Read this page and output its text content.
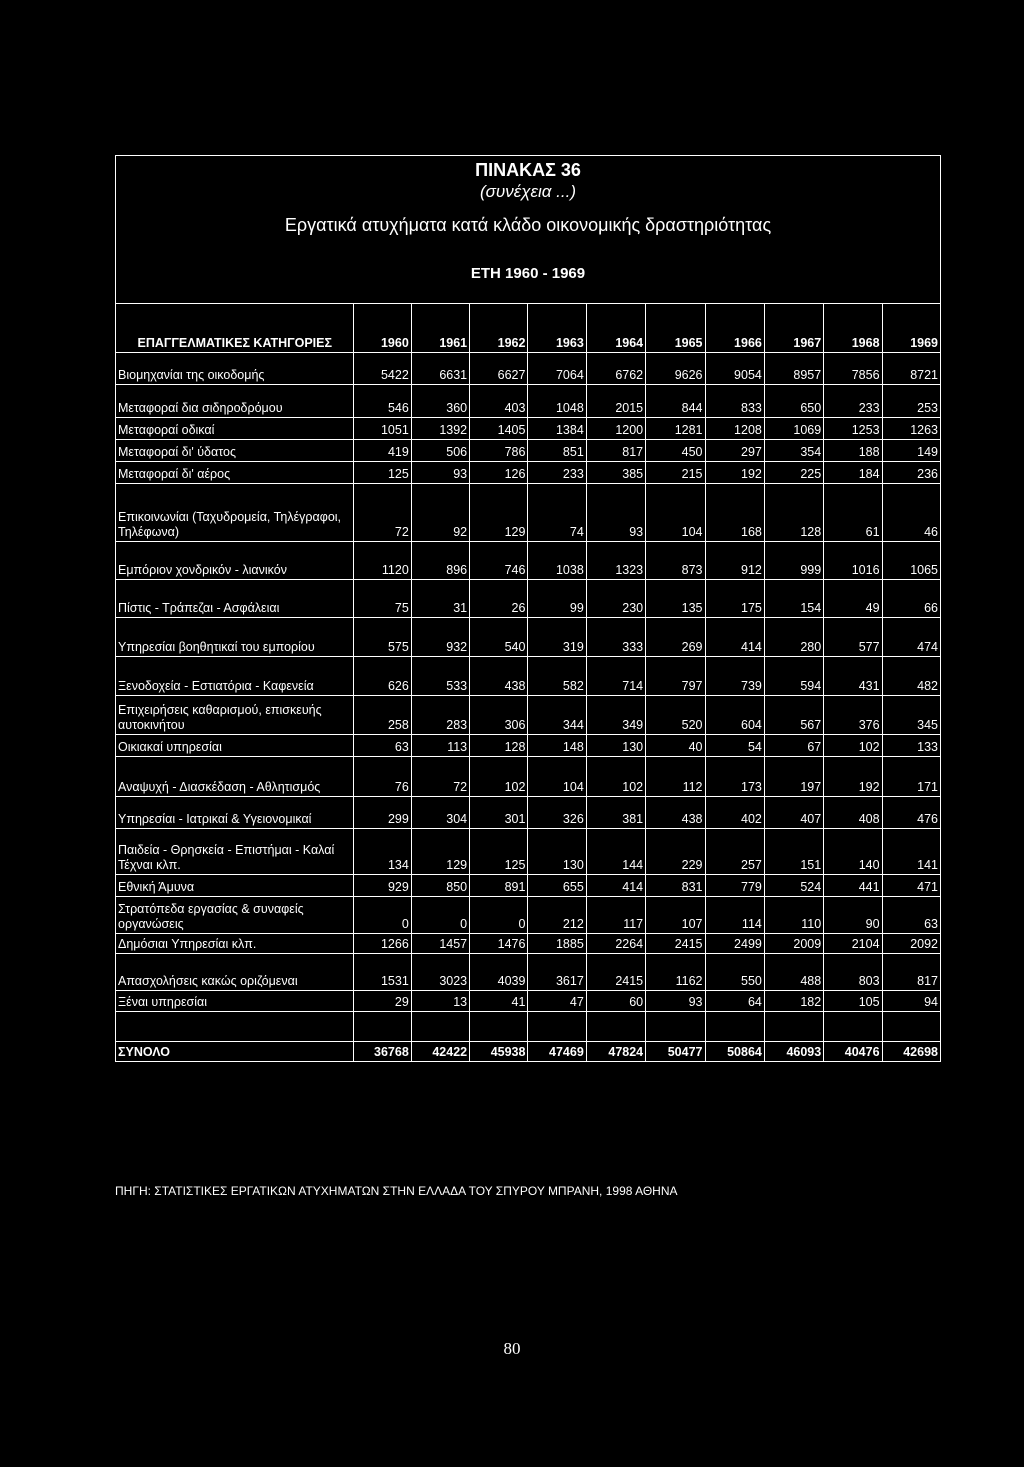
ΠΙΝΑΚΑΣ 36
(συνέχεια ...)
Εργατικά ατυχήματα κατά κλάδο οικονομικής δραστηριότητας
ΕΤΗ 1960 - 1969
ΕΠΑΓΓΕΛΜΑΤΙΚΕΣ ΚΑΤΗΓΟΡΙΕΣ	1960	1961	1962	1963	1964	1965	1966	1967	1968	1969
Βιομηχανίαι της οικοδομής	5422	6631	6627	7064	6762	9626	9054	8957	7856	8721
Μεταφοραί δια σιδηροδρόμου	546	360	403	1048	2015	844	833	650	233	253
Μεταφοραί οδικαί	1051	1392	1405	1384	1200	1281	1208	1069	1253	1263
Μεταφοραί δι' ύδατος	419	506	786	851	817	450	297	354	188	149
Μεταφοραί δι' αέρος	125	93	126	233	385	215	192	225	184	236
Επικοινωνίαι (Ταχυδρομεία, Τηλέγραφοι, Τηλέφωνα)	72	92	129	74	93	104	168	128	61	46
Εμπόριον χονδρικόν - λιανικόν	1120	896	746	1038	1323	873	912	999	1016	1065
Πίστις - Τράπεζαι - Ασφάλειαι	75	31	26	99	230	135	175	154	49	66
Υπηρεσίαι βοηθητικαί του εμπορίου	575	932	540	319	333	269	414	280	577	474
Ξενοδοχεία - Εστιατόρια - Καφενεία	626	533	438	582	714	797	739	594	431	482
Επιχειρήσεις καθαρισμού, επισκευής αυτοκινήτου	258	283	306	344	349	520	604	567	376	345
Οικιακαί υπηρεσίαι	63	113	128	148	130	40	54	67	102	133
Αναψυχή - Διασκέδαση - Αθλητισμός	76	72	102	104	102	112	173	197	192	171
Υπηρεσίαι - Ιατρικαί & Υγειονομικαί	299	304	301	326	381	438	402	407	408	476
Παιδεία - Θρησκεία - Επιστήμαι - Καλαί Τέχναι κλπ.	134	129	125	130	144	229	257	151	140	141
Εθνική Άμυνα	929	850	891	655	414	831	779	524	441	471
Στρατόπεδα εργασίας & συναφείς οργανώσεις	0	0	0	212	117	107	114	110	90	63
Δημόσιαι Υπηρεσίαι κλπ.	1266	1457	1476	1885	2264	2415	2499	2009	2104	2092
Απασχολήσεις κακώς οριζόμεναι	1531	3023	4039	3617	2415	1162	550	488	803	817
Ξέναι υπηρεσίαι	29	13	41	47	60	93	64	182	105	94

ΣΥΝΟΛΟ	36768	42422	45938	47469	47824	50477	50864	46093	40476	42698
ΠΗΓΗ: ΣΤΑΤΙΣΤΙΚΕΣ ΕΡΓΑΤΙΚΩΝ ΑΤΥΧΗΜΑΤΩΝ ΣΤΗΝ ΕΛΛΑΔΑ ΤΟΥ ΣΠΥΡΟΥ ΜΠΡΑΝΗ, 1998 ΑΘΗΝΑ
80
